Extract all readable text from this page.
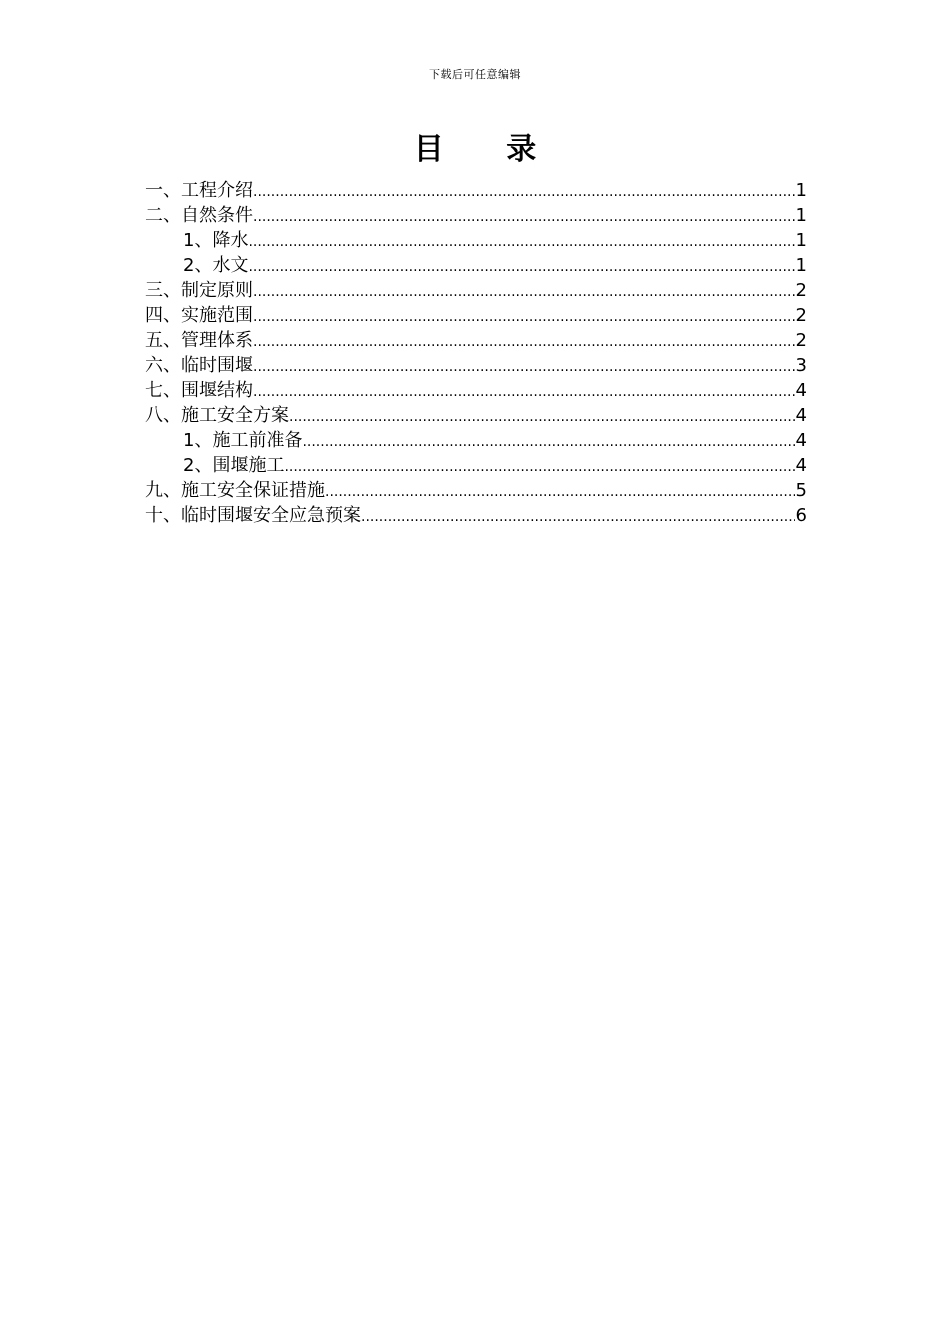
下载后可任意编辑
目 录
一、工程介绍 .....	1
二、自然条件 .....	1
1、降水 .....	1
2、水文 .....	1
三、制定原则 .....	2
四、实施范围 .....	2
五、管理体系 .....	2
六、临时围堰 .....	3
七、围堰结构 .....	4
八、施工安全方案 .....	4
1、施工前准备 .....	4
2、围堰施工 .....	4
九、施工安全保证措施 .....	5
十、临时围堰安全应急预案 .....	6
